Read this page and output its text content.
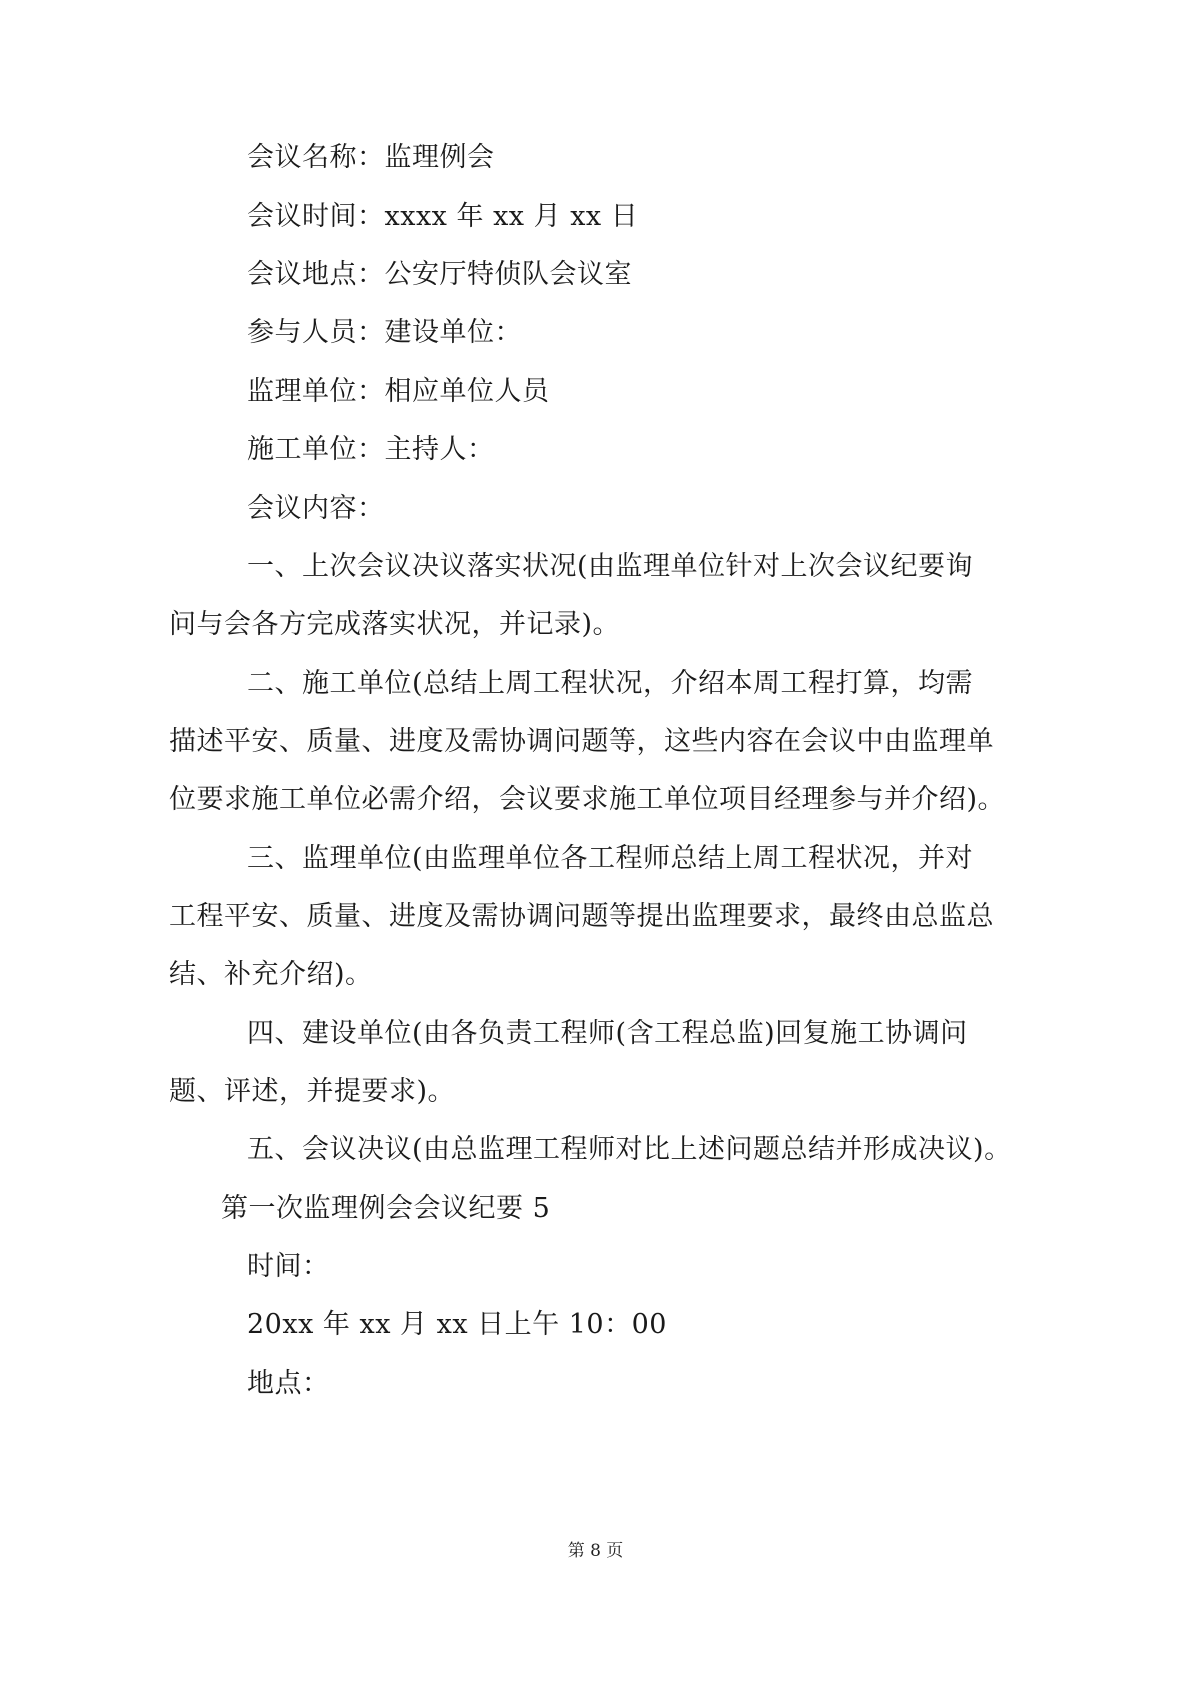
会议名称：监理例会
会议时间：xxxx 年 xx 月 xx 日
会议地点：公安厅特侦队会议室
参与人员：建设单位：
监理单位：相应单位人员
施工单位：主持人：
会议内容：
一、上次会议决议落实状况(由监理单位针对上次会议纪要询
问与会各方完成落实状况，并记录)。
二、施工单位(总结上周工程状况，介绍本周工程打算，均需
描述平安、质量、进度及需协调问题等，这些内容在会议中由监理单
位要求施工单位必需介绍，会议要求施工单位项目经理参与并介绍)。
三、监理单位(由监理单位各工程师总结上周工程状况，并对
工程平安、质量、进度及需协调问题等提出监理要求，最终由总监总
结、补充介绍)。
四、建设单位(由各负责工程师(含工程总监)回复施工协调问
题、评述，并提要求)。
五、会议决议(由总监理工程师对比上述问题总结并形成决议)。
第一次监理例会会议纪要 5
时间：
20xx 年 xx 月 xx 日上午 10：00
地点：
第 8 页
